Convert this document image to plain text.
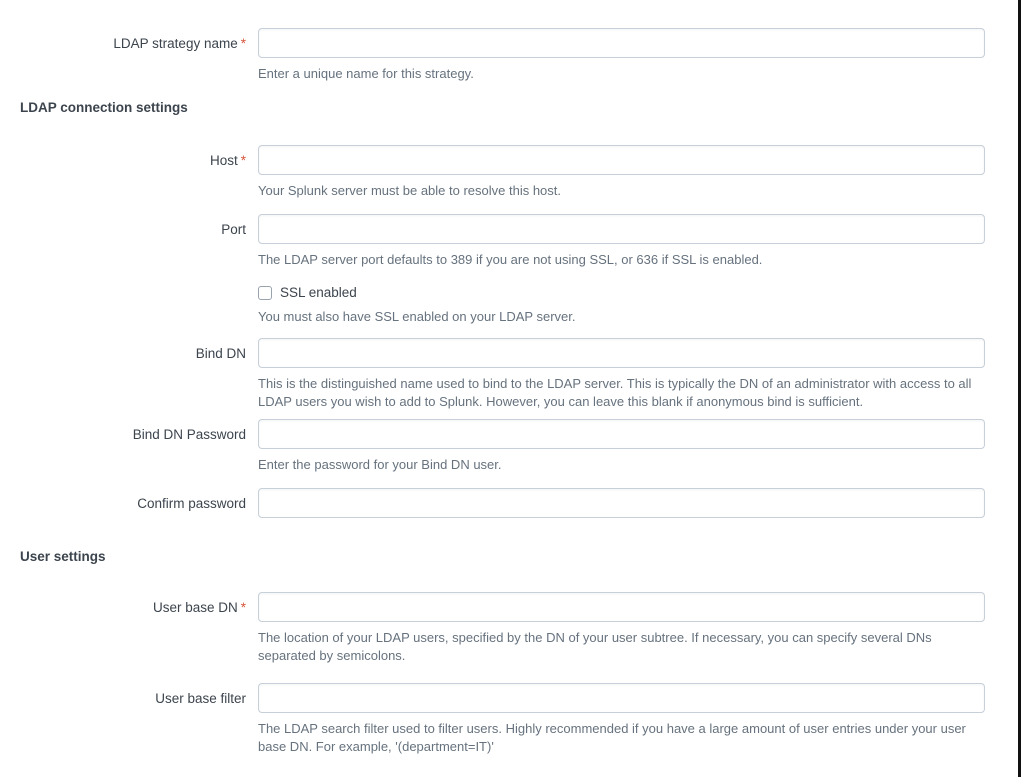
LDAP strategy name *
Enter a unique name for this strategy.
LDAP connection settings
Host *
Your Splunk server must be able to resolve this host.
Port
The LDAP server port defaults to 389 if you are not using SSL, or 636 if SSL is enabled.
SSL enabled
You must also have SSL enabled on your LDAP server.
Bind DN
This is the distinguished name used to bind to the LDAP server. This is typically the DN of an administrator with access to all LDAP users you wish to add to Splunk. However, you can leave this blank if anonymous bind is sufficient.
Bind DN Password
Enter the password for your Bind DN user.
Confirm password
User settings
User base DN *
The location of your LDAP users, specified by the DN of your user subtree. If necessary, you can specify several DNs separated by semicolons.
User base filter
The LDAP search filter used to filter users. Highly recommended if you have a large amount of user entries under your user base DN. For example, '(department=IT)'
